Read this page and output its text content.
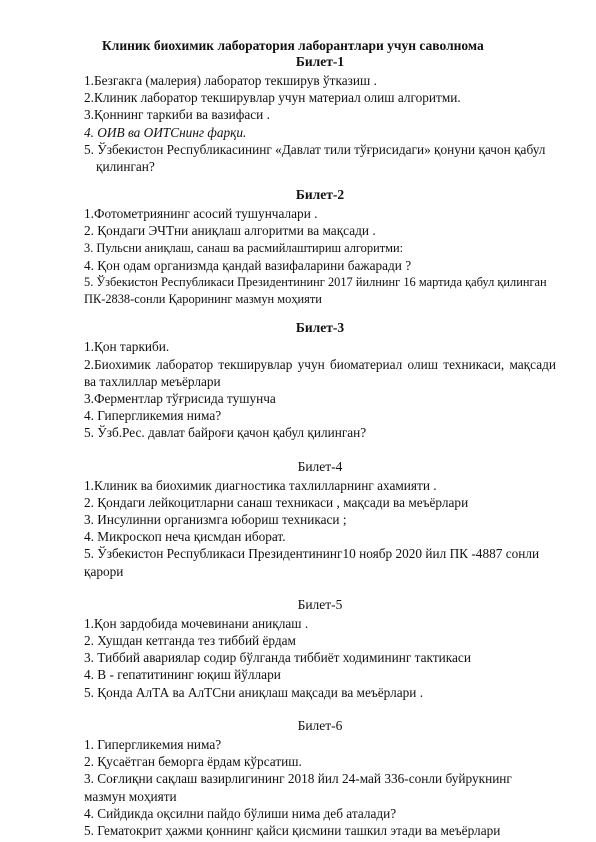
Клиник биохимик лаборатория лаборантлари учун саволнома
Билет-1

1.Безгакга (малерия) лаборатор текширув ўтказиш .

2.Клиник лаборатор текширувлар учун материал олиш алгоритми.

3.Қоннинг таркиби ва вазифаси .

4. ОИВ ва ОИТСнинг фарқи.

5. Ўзбекистон Республикасининг «Давлат тили тўғрисидаги» қонуни қачон қабул қилинган?

Билет-2

1.Фотометриянинг асосий тушунчалари .

2. Қондаги ЭЧТни аниқлаш алгоритми ва мақсади .

3. Пульсни аниқлаш, санаш ва расмийлаштириш алгоритми:

4. Қон одам организмда қандай вазифаларини бажаради ?

5. Ўзбекистон Республикаси Президентининг 2017 йилнинг 16 мартида қабул қилинган ПК-2838-сонли Қарорининг мазмун моҳияти

Билет-3

1.Қон таркиби.

2.Биохимик лаборатор текширувлар учун биоматериал олиш техникаси, мақсади ва тахлиллар меъёрлари

3.Ферментлар тўғрисида тушунча

4. Гипергликемия нима?

5. Ўзб.Рес. давлат байроғи қачон қабул қилинган?

Билет-4

1.Клиник ва биохимик диагностика тахлилларнинг ахамияти .

2. Қондаги лейкоцитларни санаш техникаси , мақсади ва меъёрлари

3. Инсулинни организмга юбориш техникаси ;

4. Микроскоп неча қисмдан иборат.

5. Ўзбекистон Республикаси Президентининг10 ноябр 2020 йил ПК -4887 сонли қарори

Билет-5

1.Қон зардобида мочевинани аниқлаш .

2. Хушдан кетганда тез тиббий ёрдам

3. Тиббий авариялар содир бўлганда тиббиёт ходимининг тактикаси

4. В - гепатитининг юқиш йўллари

5. Қонда АлТА ва АлТСни аниқлаш мақсади ва меъёрлари .

Билет-6

1. Гипергликемия нима?

2. Қусаётган беморга ёрдам кўрсатиш.

3. Соғлиқни сақлаш вазирлигининг 2018 йил 24-май 336-сонли буйрукнинг мазмун моҳияти

4. Сийдикда оқсилни пайдо бўлиши нима деб аталади?

5. Гематокрит ҳажми қоннинг қайси қисмини ташкил этади ва меъёрлари
